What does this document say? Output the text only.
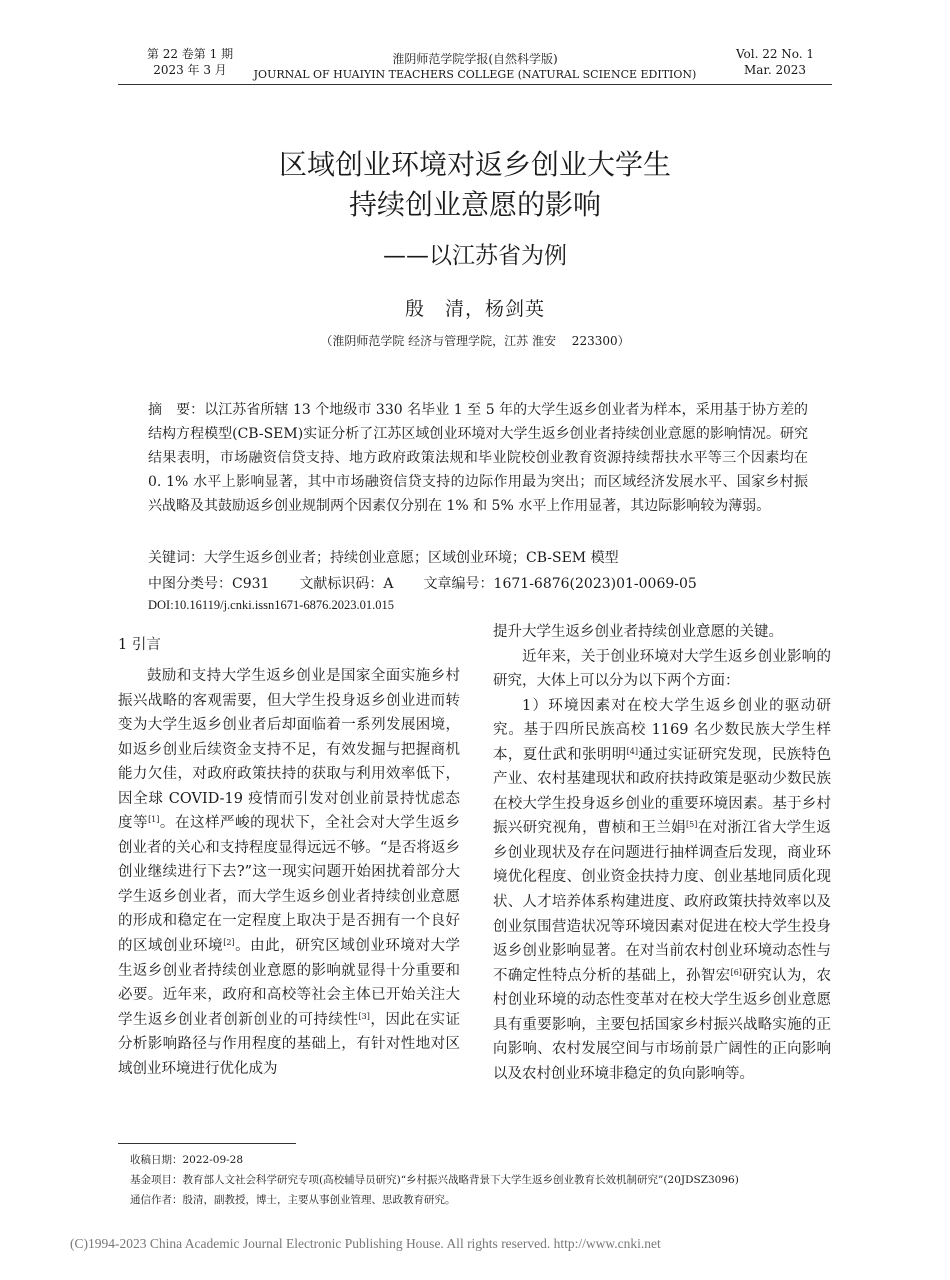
第 22 卷第 1 期
2023 年 3 月
淮阴师范学院学报(自然科学版)
JOURNAL OF HUAIYIN TEACHERS COLLEGE (NATURAL SCIENCE EDITION)
Vol. 22 No. 1
Mar. 2023
区域创业环境对返乡创业大学生
持续创业意愿的影响
——以江苏省为例
殷　清，杨剑英
（淮阴师范学院 经济与管理学院，江苏 淮安　 223300）
摘　要：以江苏省所辖 13 个地级市 330 名毕业 1 至 5 年的大学生返乡创业者为样本，采用基于协方差的结构方程模型(CB-SEM)实证分析了江苏区域创业环境对大学生返乡创业者持续创业意愿的影响情况。研究结果表明，市场融资信贷支持、地方政府政策法规和毕业院校创业教育资源持续帮扶水平等三个因素均在 0. 1% 水平上影响显著，其中市场融资信贷支持的边际作用最为突出；而区域经济发展水平、国家乡村振兴战略及其鼓励返乡创业规制两个因素仅分别在 1% 和 5% 水平上作用显著，其边际影响较为薄弱。
关键词：大学生返乡创业者；持续创业意愿；区域创业环境；CB-SEM 模型
中图分类号：C931 文献标识码：A 文章编号：1671-6876(2023)01-0069-05
DOI:10.16119/j.cnki.issn1671-6876.2023.01.015
1 引言
鼓励和支持大学生返乡创业是国家全面实施乡村振兴战略的客观需要，但大学生投身返乡创业进而转变为大学生返乡创业者后却面临着一系列发展困境，如返乡创业后续资金支持不足，有效发掘与把握商机能力欠佳，对政府政策扶持的获取与利用效率低下，因全球 COVID-19 疫情而引发对创业前景持忧虑态度等[1]。在这样严峻的现状下，全社会对大学生返乡创业者的关心和支持程度显得远远不够。“是否将返乡创业继续进行下去?”这一现实问题开始困扰着部分大学生返乡创业者，而大学生返乡创业者持续创业意愿的形成和稳定在一定程度上取决于是否拥有一个良好的区域创业环境[2]。由此，研究区域创业环境对大学生返乡创业者持续创业意愿的影响就显得十分重要和必要。近年来，政府和高校等社会主体已开始关注大学生返乡创业者创新创业的可持续性[3]，因此在实证分析影响路径与作用程度的基础上，有针对性地对区域创业环境进行优化成为

提升大学生返乡创业者持续创业意愿的关键。

近年来，关于创业环境对大学生返乡创业影响的研究，大体上可以分为以下两个方面：

1）环境因素对在校大学生返乡创业的驱动研究。基于四所民族高校 1169 名少数民族大学生样本，夏仕武和张明明[4]通过实证研究发现，民族特色产业、农村基建现状和政府扶持政策是驱动少数民族在校大学生投身返乡创业的重要环境因素。基于乡村振兴研究视角，曹桢和王兰娟[5]在对浙江省大学生返乡创业现状及存在问题进行抽样调查后发现，商业环境优化程度、创业资金扶持力度、创业基地同质化现状、人才培养体系构建进度、政府政策扶持效率以及创业氛围营造状况等环境因素对促进在校大学生投身返乡创业影响显著。在对当前农村创业环境动态性与不确定性特点分析的基础上，孙智宏[6]研究认为，农村创业环境的动态性变革对在校大学生返乡创业意愿具有重要影响，主要包括国家乡村振兴战略实施的正向影响、农村发展空间与市场前景广阔性的正向影响以及农村创业环境非稳定的负向影响等。

收稿日期：2022-09-28
基金项目：教育部人文社会科学研究专项(高校辅导员研究)“乡村振兴战略背景下大学生返乡创业教育长效机制研究”(20JDSZ3096)
通信作者：殷清，副教授，博士，主要从事创业管理、思政教育研究。
(C)1994-2023 China Academic Journal Electronic Publishing House. All rights reserved. http://www.cnki.net
